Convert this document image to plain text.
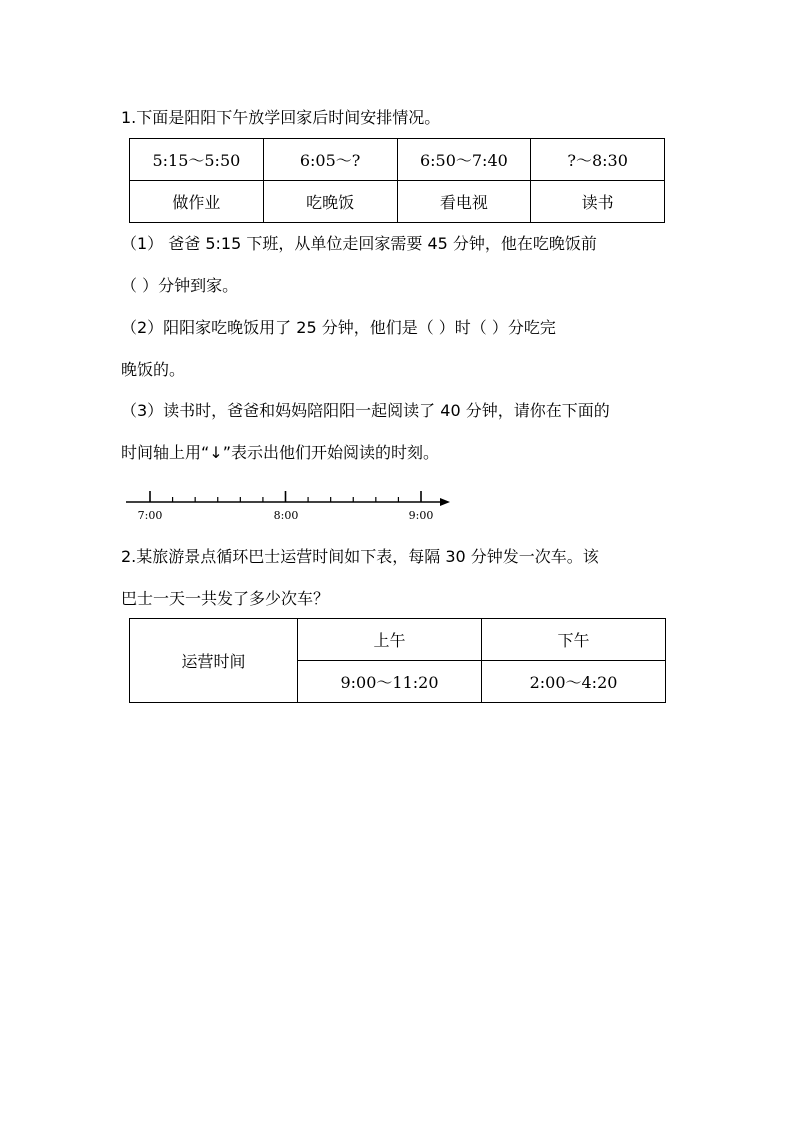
1.下面是阳阳下午放学回家后时间安排情况。
5:15～5:50	6:05～?	6:50～7:40	?～8:30
做作业	吃晚饭	看电视	读书
（1） 爸爸 5:15 下班，从单位走回家需要 45 分钟，他在吃晚饭前
（ ）分钟到家。
（2）阳阳家吃晚饭用了 25 分钟，他们是（ ）时（ ）分吃完
晚饭的。
（3）读书时，爸爸和妈妈陪阳阳一起阅读了 40 分钟，请你在下面的
时间轴上用“↓”表示出他们开始阅读的时刻。
7:00	8:00	9:00
2.某旅游景点循环巴士运营时间如下表，每隔 30 分钟发一次车。该
巴士一天一共发了多少次车？
运营时间	上午	下午
	9:00～11:20	2:00～4:20
